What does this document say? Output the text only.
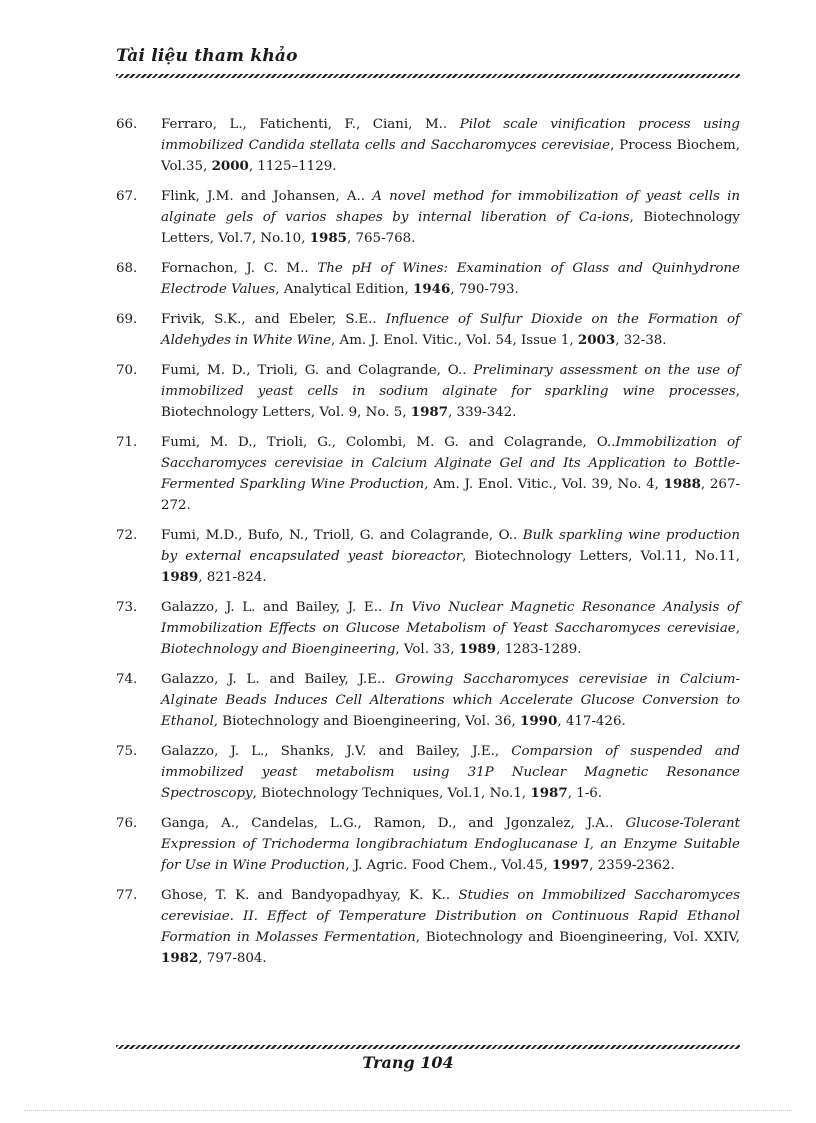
Tài liệu tham khảo
66.	Ferraro, L., Fatichenti, F., Ciani, M.. Pilot scale vinification process using immobilized Candida stellata cells and Saccharomyces cerevisiae, Process Biochem, Vol.35, 2000, 1125–1129.
67.	Flink, J.M. and Johansen, A.. A novel method for immobilization of yeast cells in alginate gels of varios shapes by internal liberation of Ca-ions, Biotechnology Letters, Vol.7, No.10, 1985, 765-768.
68.	Fornachon, J. C. M.. The pH of Wines: Examination of Glass and Quinhydrone Electrode Values, Analytical Edition, 1946, 790-793.
69.	Frivik, S.K., and Ebeler, S.E.. Influence of Sulfur Dioxide on the Formation of Aldehydes in White Wine, Am. J. Enol. Vitic., Vol. 54, Issue 1, 2003, 32-38.
70.	Fumi, M. D., Trioli, G. and Colagrande, O.. Preliminary assessment on the use of immobilized yeast cells in sodium alginate for sparkling wine processes, Biotechnology Letters, Vol. 9, No. 5, 1987, 339-342.
71.	Fumi, M. D., Trioli, G., Colombi, M. G. and Colagrande, O..Immobilization of Saccharomyces cerevisiae in Calcium Alginate Gel and Its Application to Bottle-Fermented Sparkling Wine Production, Am. J. Enol. Vitic., Vol. 39, No. 4, 1988, 267-272.
72.	Fumi, M.D., Bufo, N., Trioll, G. and Colagrande, O.. Bulk sparkling wine production by external encapsulated yeast bioreactor, Biotechnology Letters, Vol.11, No.11, 1989, 821-824.
73.	Galazzo, J. L. and Bailey, J. E.. In Vivo Nuclear Magnetic Resonance Analysis of Immobilization Effects on Glucose Metabolism of Yeast Saccharomyces cerevisiae, Biotechnology and Bioengineering, Vol. 33, 1989, 1283-1289.
74.	Galazzo, J. L. and Bailey, J.E.. Growing Saccharomyces cerevisiae in Calcium-Alginate Beads Induces Cell Alterations which Accelerate Glucose Conversion to Ethanol, Biotechnology and Bioengineering, Vol. 36, 1990, 417-426.
75.	Galazzo, J. L., Shanks, J.V. and Bailey, J.E., Comparsion of suspended and immobilized yeast metabolism using 31P Nuclear Magnetic Resonance Spectroscopy, Biotechnology Techniques, Vol.1, No.1, 1987, 1-6.
76.	Ganga, A., Candelas, L.G., Ramon, D., and Jgonzalez, J.A.. Glucose-Tolerant Expression of Trichoderma longibrachiatum Endoglucanase I, an Enzyme Suitable for Use in Wine Production, J. Agric. Food Chem., Vol.45, 1997, 2359-2362.
77.	Ghose, T. K. and Bandyopadhyay, K. K.. Studies on Immobilized Saccharomyces cerevisiae. II. Effect of Temperature Distribution on Continuous Rapid Ethanol Formation in Molasses Fermentation, Biotechnology and Bioengineering, Vol. XXIV, 1982, 797-804.
Trang 104
